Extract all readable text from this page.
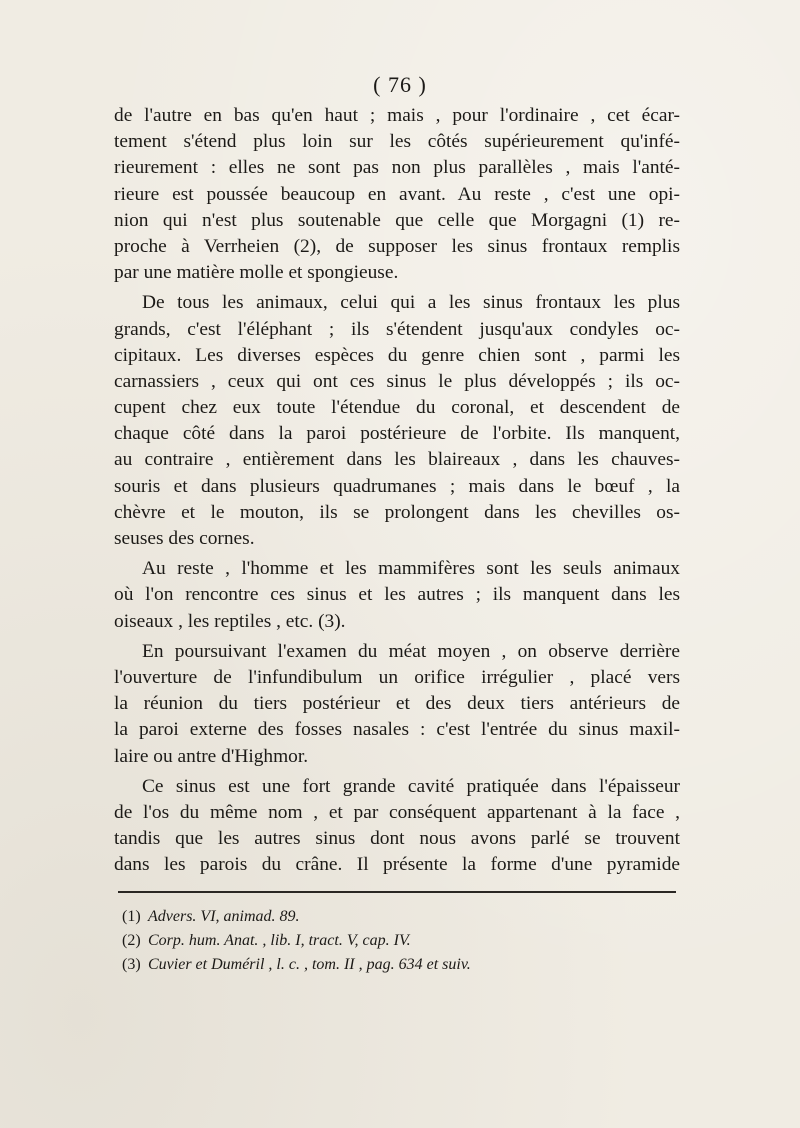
( 76 )
de l'autre en bas qu'en haut ; mais , pour l'ordinaire , cet écar-
tement s'étend plus loin sur les côtés supérieurement qu'infé-
rieurement : elles ne sont pas non plus parallèles , mais l'anté-
rieure est poussée beaucoup en avant. Au reste , c'est une opi-
nion qui n'est plus soutenable que celle que Morgagni (1) re-
proche à Verrheien (2), de supposer les sinus frontaux remplis
par une matière molle et spongieuse.
De tous les animaux, celui qui a les sinus frontaux les plus
grands, c'est l'éléphant ; ils s'étendent jusqu'aux condyles oc-
cipitaux. Les diverses espèces du genre chien sont , parmi les
carnassiers , ceux qui ont ces sinus le plus développés ; ils oc-
cupent chez eux toute l'étendue du coronal, et descendent de
chaque côté dans la paroi postérieure de l'orbite. Ils manquent,
au contraire , entièrement dans les blaireaux , dans les chauves-
souris et dans plusieurs quadrumanes ; mais dans le bœuf , la
chèvre et le mouton, ils se prolongent dans les chevilles os-
seuses des cornes.
Au reste , l'homme et les mammifères sont les seuls animaux
où l'on rencontre ces sinus et les autres ; ils manquent dans les
oiseaux , les reptiles , etc. (3).
En poursuivant l'examen du méat moyen , on observe derrière
l'ouverture de l'infundibulum un orifice irrégulier , placé vers
la réunion du tiers postérieur et des deux tiers antérieurs de
la paroi externe des fosses nasales : c'est l'entrée du sinus maxil-
laire ou antre d'Highmor.
Ce sinus est une fort grande cavité pratiquée dans l'épaisseur
de l'os du même nom , et par conséquent appartenant à la face ,
tandis que les autres sinus dont nous avons parlé se trouvent
dans les parois du crâne. Il présente la forme d'une pyramide
(1) Advers. VI, animad. 89.
(2) Corp. hum. Anat. , lib. I, tract. V, cap. IV.
(3) Cuvier et Duméril , l. c. , tom. II , pag. 634 et suiv.
